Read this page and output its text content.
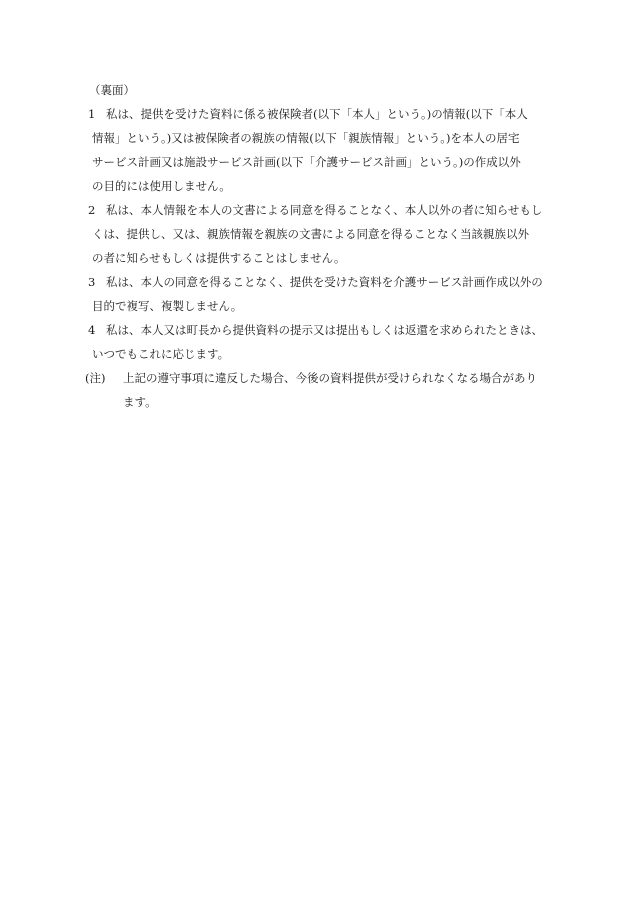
（裏面）
1 私は、提供を受けた資料に係る被保険者(以下「本人」という。)の情報(以下「本人
情報」という。)又は被保険者の親族の情報(以下「親族情報」という。)を本人の居宅
サービス計画又は施設サービス計画(以下「介護サービス計画」という。)の作成以外
の目的には使用しません。
2 私は、本人情報を本人の文書による同意を得ることなく、本人以外の者に知らせもし
くは、提供し、又は、親族情報を親族の文書による同意を得ることなく当該親族以外
の者に知らせもしくは提供することはしません。
3 私は、本人の同意を得ることなく、提供を受けた資料を介護サービス計画作成以外の
目的で複写、複製しません。
4 私は、本人又は町長から提供資料の提示又は提出もしくは返還を求められたときは、
いつでもこれに応じます。
(注)	上記の遵守事項に違反した場合、今後の資料提供が受けられなくなる場合があり
ます。
